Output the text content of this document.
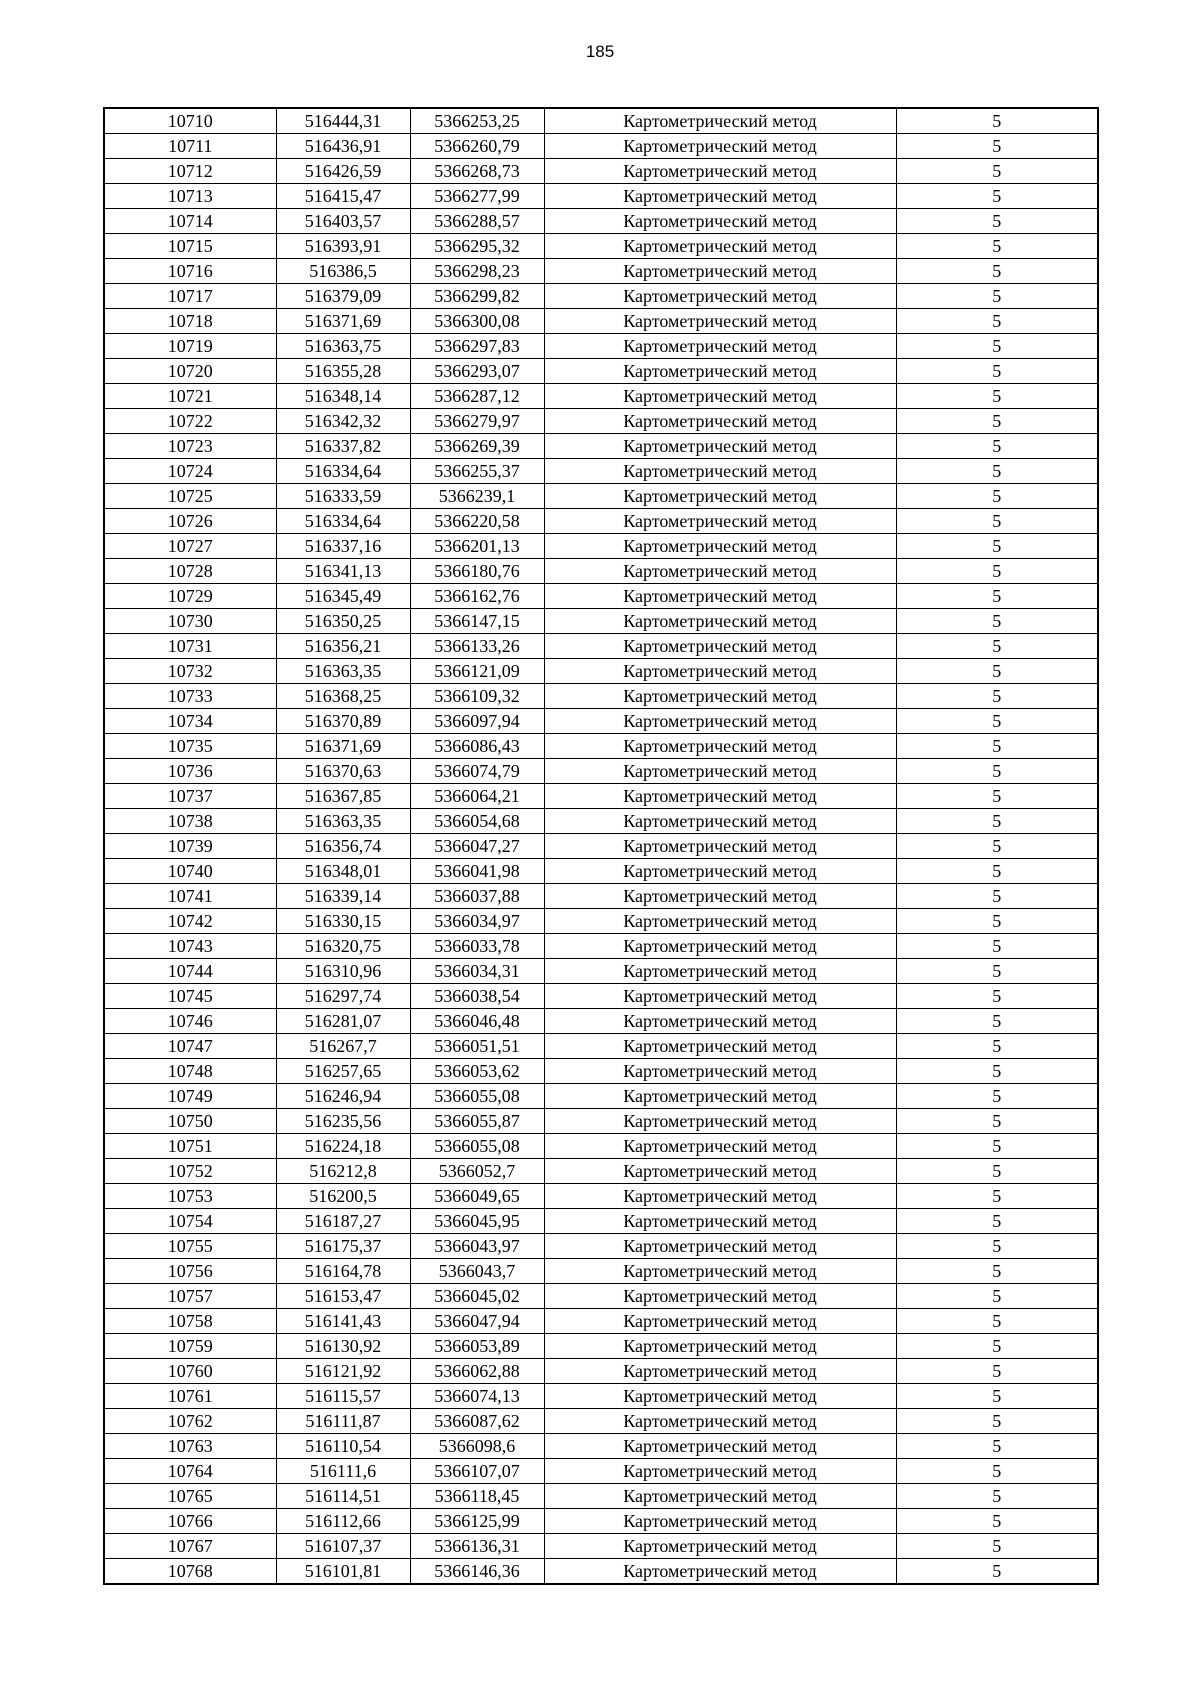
185
10710	516444,31	5366253,25	Картометрический метод	5
10711	516436,91	5366260,79	Картометрический метод	5
10712	516426,59	5366268,73	Картометрический метод	5
10713	516415,47	5366277,99	Картометрический метод	5
10714	516403,57	5366288,57	Картометрический метод	5
10715	516393,91	5366295,32	Картометрический метод	5
10716	516386,5	5366298,23	Картометрический метод	5
10717	516379,09	5366299,82	Картометрический метод	5
10718	516371,69	5366300,08	Картометрический метод	5
10719	516363,75	5366297,83	Картометрический метод	5
10720	516355,28	5366293,07	Картометрический метод	5
10721	516348,14	5366287,12	Картометрический метод	5
10722	516342,32	5366279,97	Картометрический метод	5
10723	516337,82	5366269,39	Картометрический метод	5
10724	516334,64	5366255,37	Картометрический метод	5
10725	516333,59	5366239,1	Картометрический метод	5
10726	516334,64	5366220,58	Картометрический метод	5
10727	516337,16	5366201,13	Картометрический метод	5
10728	516341,13	5366180,76	Картометрический метод	5
10729	516345,49	5366162,76	Картометрический метод	5
10730	516350,25	5366147,15	Картометрический метод	5
10731	516356,21	5366133,26	Картометрический метод	5
10732	516363,35	5366121,09	Картометрический метод	5
10733	516368,25	5366109,32	Картометрический метод	5
10734	516370,89	5366097,94	Картометрический метод	5
10735	516371,69	5366086,43	Картометрический метод	5
10736	516370,63	5366074,79	Картометрический метод	5
10737	516367,85	5366064,21	Картометрический метод	5
10738	516363,35	5366054,68	Картометрический метод	5
10739	516356,74	5366047,27	Картометрический метод	5
10740	516348,01	5366041,98	Картометрический метод	5
10741	516339,14	5366037,88	Картометрический метод	5
10742	516330,15	5366034,97	Картометрический метод	5
10743	516320,75	5366033,78	Картометрический метод	5
10744	516310,96	5366034,31	Картометрический метод	5
10745	516297,74	5366038,54	Картометрический метод	5
10746	516281,07	5366046,48	Картометрический метод	5
10747	516267,7	5366051,51	Картометрический метод	5
10748	516257,65	5366053,62	Картометрический метод	5
10749	516246,94	5366055,08	Картометрический метод	5
10750	516235,56	5366055,87	Картометрический метод	5
10751	516224,18	5366055,08	Картометрический метод	5
10752	516212,8	5366052,7	Картометрический метод	5
10753	516200,5	5366049,65	Картометрический метод	5
10754	516187,27	5366045,95	Картометрический метод	5
10755	516175,37	5366043,97	Картометрический метод	5
10756	516164,78	5366043,7	Картометрический метод	5
10757	516153,47	5366045,02	Картометрический метод	5
10758	516141,43	5366047,94	Картометрический метод	5
10759	516130,92	5366053,89	Картометрический метод	5
10760	516121,92	5366062,88	Картометрический метод	5
10761	516115,57	5366074,13	Картометрический метод	5
10762	516111,87	5366087,62	Картометрический метод	5
10763	516110,54	5366098,6	Картометрический метод	5
10764	516111,6	5366107,07	Картометрический метод	5
10765	516114,51	5366118,45	Картометрический метод	5
10766	516112,66	5366125,99	Картометрический метод	5
10767	516107,37	5366136,31	Картометрический метод	5
10768	516101,81	5366146,36	Картометрический метод	5
